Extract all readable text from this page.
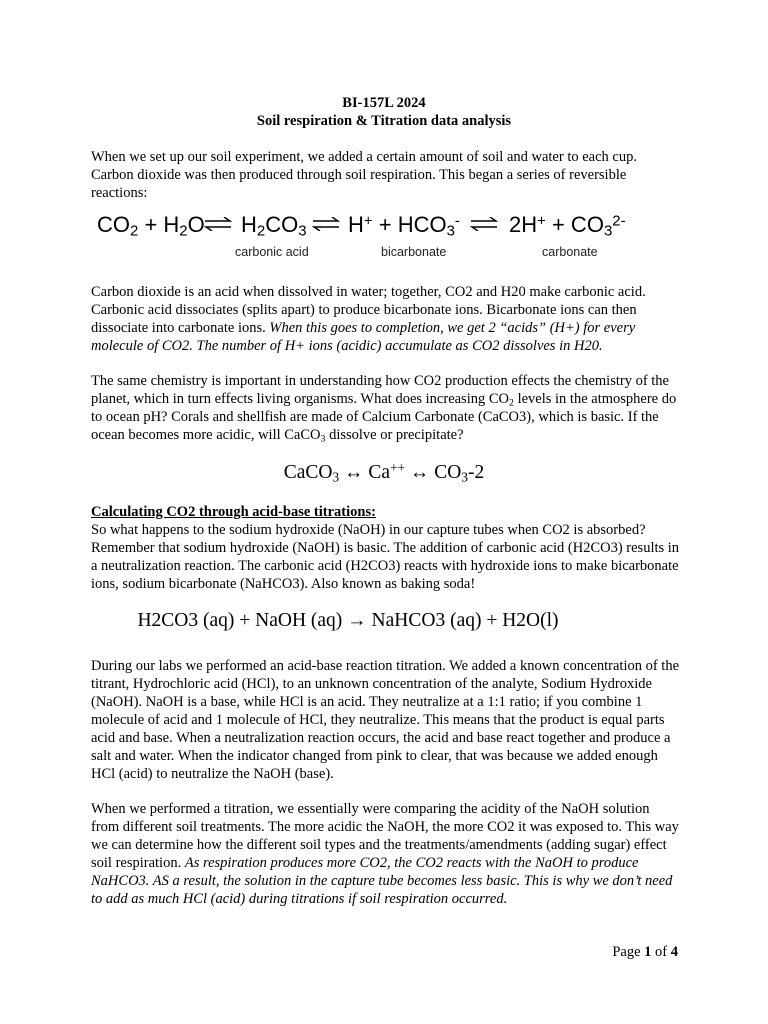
BI-157L 2024
Soil respiration & Titration data analysis
When we set up our soil experiment, we added a certain amount of soil and water to each cup. Carbon dioxide was then produced through soil respiration. This began a series of reversible reactions:
$CO_2 + H_2O$ ⇌ $H_2CO_3$ ⇌ $H^+ + HCO_3^-$ ⇌ $2H^+ + CO_3^{2-}$
carbonic acid	bicarbonate	carbonate
Carbon dioxide is an acid when dissolved in water; together, CO2 and H20 make carbonic acid. Carbonic acid dissociates (splits apart) to produce bicarbonate ions. Bicarbonate ions can then dissociate into carbonate ions. When this goes to completion, we get 2 “acids” (H+) for every molecule of CO2. The number of H+ ions (acidic) accumulate as CO2 dissolves in H20.
The same chemistry is important in understanding how CO2 production effects the chemistry of the planet, which in turn effects living organisms. What does increasing $CO_2$ levels in the atmosphere do to ocean pH? Corals and shellfish are made of Calcium Carbonate (CaCO3), which is basic. If the ocean becomes more acidic, will CaCO$_3$ dissolve or precipitate?
CaCO$_3$ ↔ Ca++ ↔ $CO_3-2$
Calculating CO2 through acid-base titrations:
So what happens to the sodium hydroxide (NaOH) in our capture tubes when CO2 is absorbed? Remember that sodium hydroxide (NaOH) is basic. The addition of carbonic acid (H2CO3) results in a neutralization reaction. The carbonic acid (H2CO3) reacts with hydroxide ions to make bicarbonate ions, sodium bicarbonate (NaHCO3). Also known as baking soda!
H2CO3 (aq) + NaOH (aq) → NaHCO3 (aq) + H2O(l)
During our labs we performed an acid-base reaction titration. We added a known concentration of the titrant, Hydrochloric acid (HCl), to an unknown concentration of the analyte, Sodium Hydroxide (NaOH). NaOH is a base, while HCl is an acid. They neutralize at a 1:1 ratio; if you combine 1 molecule of acid and 1 molecule of HCl, they neutralize. This means that the product is equal parts acid and base. When a neutralization reaction occurs, the acid and base react together and produce a salt and water. When the indicator changed from pink to clear, that was because we added enough HCl (acid) to neutralize the NaOH (base).
When we performed a titration, we essentially were comparing the acidity of the NaOH solution from different soil treatments. The more acidic the NaOH, the more CO2 it was exposed to. This way we can determine how the different soil types and the treatments/amendments (adding sugar) effect soil respiration. As respiration produces more CO2, the CO2 reacts with the NaOH to produce NaHCO3. AS a result, the solution in the capture tube becomes less basic. This is why we don’t need to add as much HCl (acid) during titrations if soil respiration occurred.
Page 1 of 4
